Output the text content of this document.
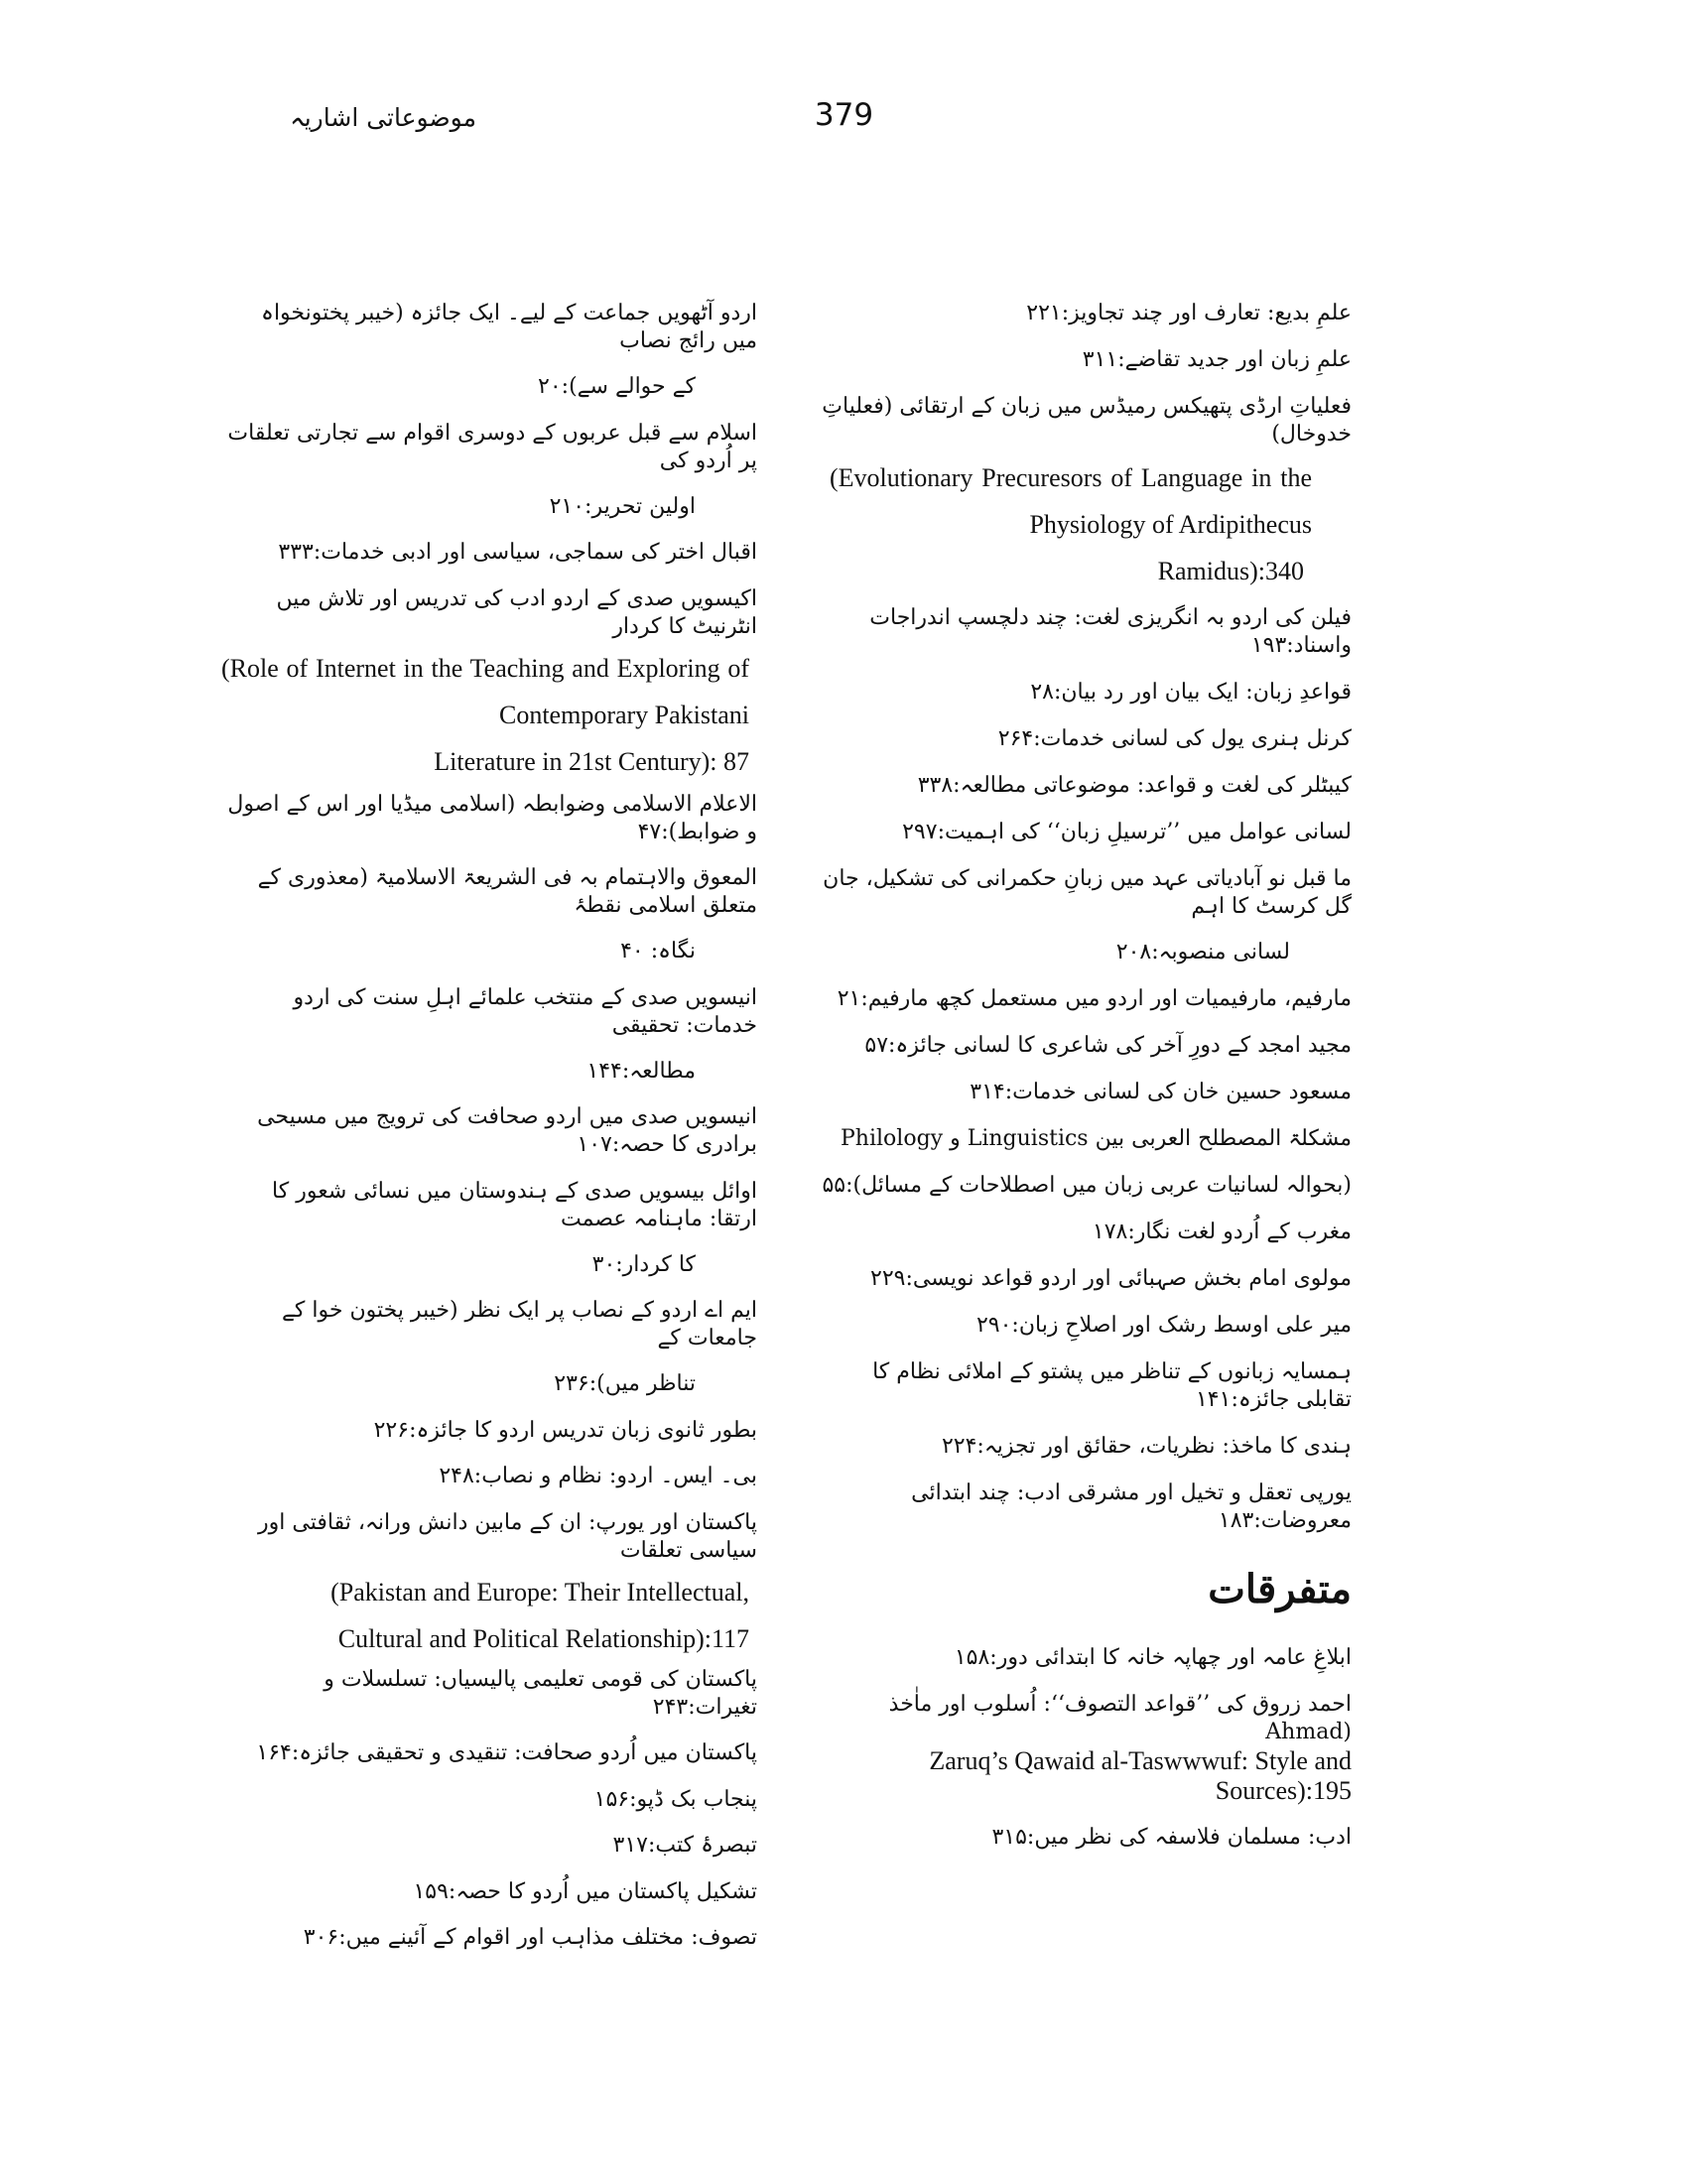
379
موضوعاتی اشاریہ

علمِ بدیع: تعارف اور چند تجاویز:۲۲۱

علمِ زبان اور جدید تقاضے:۳۱۱

فعلیاتِ ارڈی پتھیکس رمیڈس میں زبان کے ارتقائی (فعلیاتِ خدوخال)

(Evolutionary Precuresors of Language in the Physiology of Ardipithecus
Ramidus):340

فیلن کی اردو بہ انگریزی لغت: چند دلچسپ اندراجات واسناد:۱۹۳

قواعدِ زبان: ایک بیان اور رد بیان:۲۸

کرنل ہنری یول کی لسانی خدمات:۲۶۴

کیبٹلر کی لغت و قواعد: موضوعاتی مطالعہ:۳۳۸

لسانی عوامل میں ’’ترسیلِ زبان‘‘ کی اہمیت:۲۹۷

ما قبل نو آبادیاتی عہد میں زبانِ حکمرانی کی تشکیل، جان گل کرسٹ کا اہم
لسانی منصوبہ:۲۰۸

مارفیم، مارفیمیات اور اردو میں مستعمل کچھ مارفیم:۲۱

مجید امجد کے دورِ آخر کی شاعری کا لسانی جائزہ:۵۷

مسعود حسین خان کی لسانی خدمات:۳۱۴

مشکلۃ المصطلح العربی بین Linguistics و Philology

(بحوالہ لسانیات عربی زبان میں اصطلاحات کے مسائل):۵۵

مغرب کے اُردو لغت نگار:۱۷۸

مولوی امام بخش صہبائی اور اردو قواعد نویسی:۲۲۹

میر علی اوسط رشک اور اصلاحِ زبان:۲۹۰

ہمسایہ زبانوں کے تناظر میں پشتو کے املائی نظام کا تقابلی جائزہ:۱۴۱

ہندی کا ماخذ: نظریات، حقائق اور تجزیہ:۲۲۴

یورپی تعقل و تخیل اور مشرقی ادب: چند ابتدائی معروضات:۱۸۳

متفرقات

ابلاغِ عامہ اور چھاپہ خانہ کا ابتدائی دور:۱۵۸

احمد زروق کی ’’قواعد التصوف‘‘: اُسلوب اور ماٰخذ (Ahmad
Zaruq’s Qawaid al-Taswwwuf: Style and
Sources):195

ادب: مسلمان فلاسفہ کی نظر میں:۳۱۵

اردو آٹھویں جماعت کے لیے۔ ایک جائزہ (خیبر پختونخواہ میں رائج نصاب
کے حوالے سے):۲۰

اسلام سے قبل عربوں کے دوسری اقوام سے تجارتی تعلقات پر اُردو کی
اولین تحریر:۲۱۰

اقبال اختر کی سماجی، سیاسی اور ادبی خدمات:۳۳۳

اکیسویں صدی کے اردو ادب کی تدریس اور تلاش میں انٹرنیٹ کا کردار

(Role of Internet in the Teaching and Exploring of Contemporary Pakistani
Literature in 21st Century): 87

الاعلام الاسلامی وضوابطہ (اسلامی میڈیا اور اس کے اصول و ضوابط):۴۷

المعوق والاہتمام بہ فی الشریعۃ الاسلامیۃ (معذوری کے متعلق اسلامی نقطۂ
نگاہ: ۴۰

انیسویں صدی کے منتخب علمائے اہلِ سنت کی اردو خدمات: تحقیقی
مطالعہ:۱۴۴

انیسویں صدی میں اردو صحافت کی ترویج میں مسیحی برادری کا حصہ:۱۰۷

اوائل بیسویں صدی کے ہندوستان میں نسائی شعور کا ارتقا: ماہنامہ عصمت
کا کردار:۳۰

ایم اے اردو کے نصاب پر ایک نظر (خیبر پختون خوا کے جامعات کے
تناظر میں):۲۳۶

بطور ثانوی زبان تدریس اردو کا جائزہ:۲۲۶

بی۔ ایس۔ اردو: نظام و نصاب:۲۴۸

پاکستان اور یورپ: ان کے مابین دانش ورانہ، ثقافتی اور سیاسی تعلقات

(Pakistan and Europe: Their Intellectual,
Cultural and Political Relationship):117

پاکستان کی قومی تعلیمی پالیسیاں: تسلسلات و تغیرات:۲۴۳

پاکستان میں اُردو صحافت: تنقیدی و تحقیقی جائزہ:۱۶۴

پنجاب بک ڈپو:۱۵۶

تبصرۂ کتب:۳۱۷

تشکیل پاکستان میں اُردو کا حصہ:۱۵۹

تصوف: مختلف مذاہب اور اقوام کے آئینے میں:۳۰۶
